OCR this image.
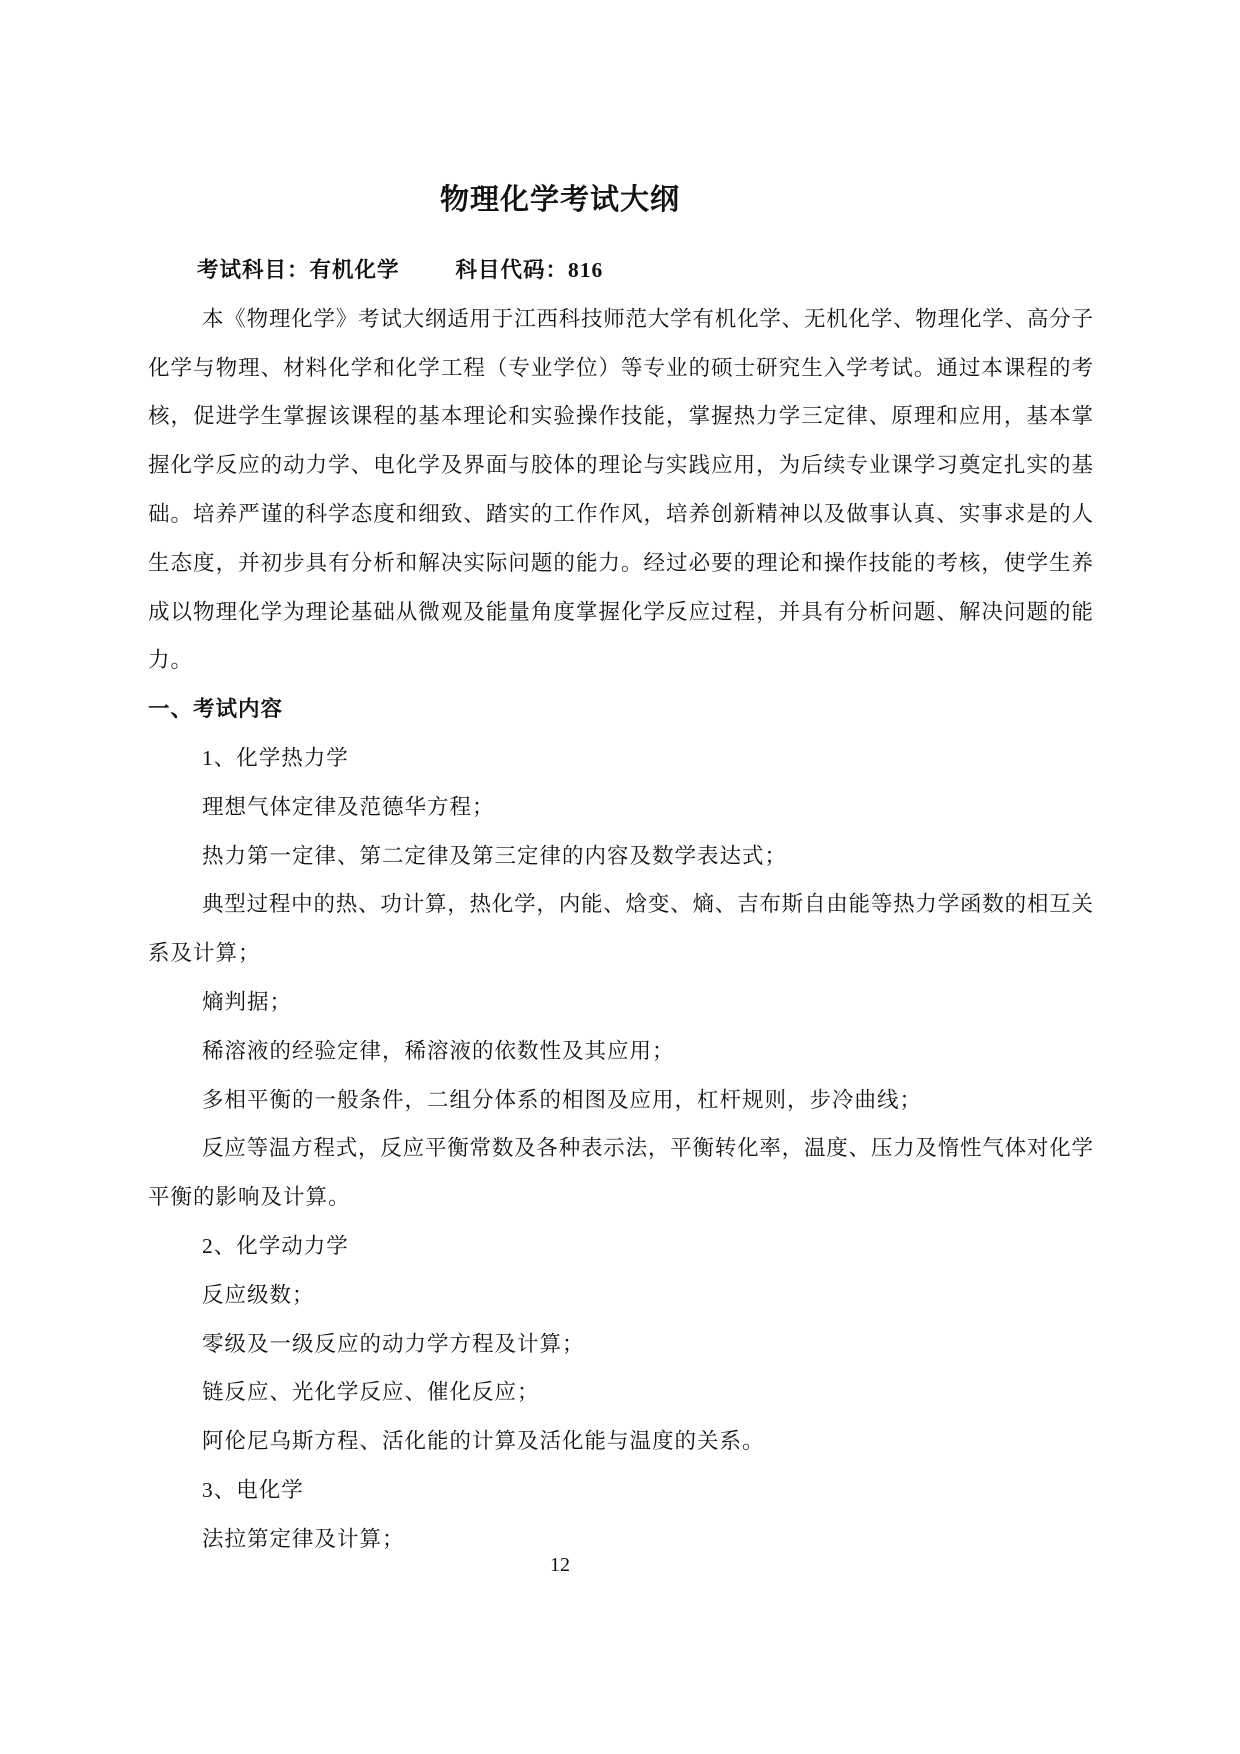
物理化学考试大纲
考试科目：有机化学	科目代码：816
本《物理化学》考试大纲适用于江西科技师范大学有机化学、无机化学、物理化学、高分子
化学与物理、材料化学和化学工程（专业学位）等专业的硕士研究生入学考试。通过本课程的考
核，促进学生掌握该课程的基本理论和实验操作技能，掌握热力学三定律、原理和应用，基本掌
握化学反应的动力学、电化学及界面与胶体的理论与实践应用，为后续专业课学习奠定扎实的基
础。培养严谨的科学态度和细致、踏实的工作作风，培养创新精神以及做事认真、实事求是的人
生态度，并初步具有分析和解决实际问题的能力。经过必要的理论和操作技能的考核，使学生养
成以物理化学为理论基础从微观及能量角度掌握化学反应过程，并具有分析问题、解决问题的能
力。
一、考试内容
1、化学热力学
理想气体定律及范德华方程；
热力第一定律、第二定律及第三定律的内容及数学表达式；
典型过程中的热、功计算，热化学，内能、焓变、熵、吉布斯自由能等热力学函数的相互关
系及计算；
熵判据；
稀溶液的经验定律，稀溶液的依数性及其应用；
多相平衡的一般条件，二组分体系的相图及应用，杠杆规则，步冷曲线；
反应等温方程式，反应平衡常数及各种表示法，平衡转化率，温度、压力及惰性气体对化学
平衡的影响及计算。
2、化学动力学
反应级数；
零级及一级反应的动力学方程及计算；
链反应、光化学反应、催化反应；
阿伦尼乌斯方程、活化能的计算及活化能与温度的关系。
3、电化学
法拉第定律及计算；
12
